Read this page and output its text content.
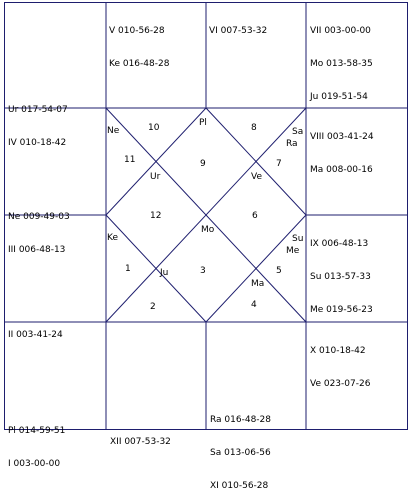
1
2
3
4
5
6
7
8
9
10
11
12
Pl
Ne
Ke
Ur
Ju
Mo
Ve
Sa
Ra
Su
Me
Ma

Ur 017-54-07

IV 010-18-42

V 010-56-28

Ke 016-48-28

VI 007-53-32

	VII 003-00-00

Mo 013-58-35

Ju 019-51-54

Ne 009-49-03

III 006-48-13

VIII 003-41-24

Ma 008-00-16

II 003-41-24

IX 006-48-13

Su 013-57-33

Me 019-56-23

Pl 014-59-51

I 003-00-00

XII 007-53-32

Ra 016-48-28

Sa 013-06-56

XI 010-56-28

X 010-18-42

Ve 023-07-26
